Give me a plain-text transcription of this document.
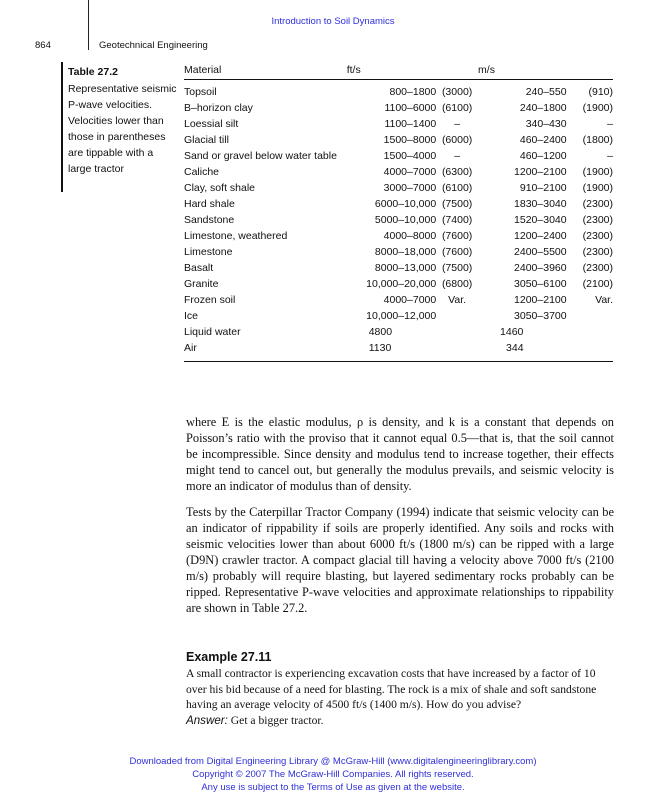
Introduction to Soil Dynamics
864	Geotechnical Engineering
Table 27.2
Representative seismic P-wave velocities. Velocities lower than those in parentheses are tippable with a large tractor
Material	ft/s		m/s	
Topsoil	800–1800	(3000)	240–550	(910)
B–horizon clay	1100–6000	(6100)	240–1800	(1900)
Loessial silt	1100–1400	–	340–430	–
Glacial till	1500–8000	(6000)	460–2400	(1800)
Sand or gravel below water table	1500–4000	–	460–1200	–
Caliche	4000–7000	(6300)	1200–2100	(1900)
Clay, soft shale	3000–7000	(6100)	910–2100	(1900)
Hard shale	6000–10,000	(7500)	1830–3040	(2300)
Sandstone	5000–10,000	(7400)	1520–3040	(2300)
Limestone, weathered	4000–8000	(7600)	1200–2400	(2300)
Limestone	8000–18,000	(7600)	2400–5500	(2300)
Basalt	8000–13,000	(7500)	2400–3960	(2300)
Granite	10,000–20,000	(6800)	3050–6100	(2100)
Frozen soil	4000–7000	Var.	1200–2100	Var.
Ice	10,000–12,000		3050–3700	
Liquid water	4800		1460	
Air	1130		344	

where E is the elastic modulus, ρ is density, and k is a constant that depends on Poisson’s ratio with the proviso that it cannot equal 0.5—that is, that the soil cannot be incompressible. Since density and modulus tend to increase together, their effects might tend to cancel out, but generally the modulus prevails, and seismic velocity is more an indicator of modulus than of density.

Tests by the Caterpillar Tractor Company (1994) indicate that seismic velocity can be an indicator of rippability if soils are properly identified. Any soils and rocks with seismic velocities lower than about 6000 ft/s (1800 m/s) can be ripped with a large (D9N) crawler tractor. A compact glacial till having a velocity above 7000 ft/s (2100 m/s) probably will require blasting, but layered sedimentary rocks probably can be ripped. Representative P-wave velocities and approximate relationships to rippability are shown in Table 27.2.

Example 27.11

A small contractor is experiencing excavation costs that have increased by a factor of 10 over his bid because of a need for blasting. The rock is a mix of shale and soft sandstone having an average velocity of 4500 ft/s (1400 m/s). How do you advise?

Answer: Get a bigger tractor.
Downloaded from Digital Engineering Library @ McGraw-Hill (www.digitalengineeringlibrary.com)
Copyright © 2007 The McGraw-Hill Companies. All rights reserved.
Any use is subject to the Terms of Use as given at the website.
